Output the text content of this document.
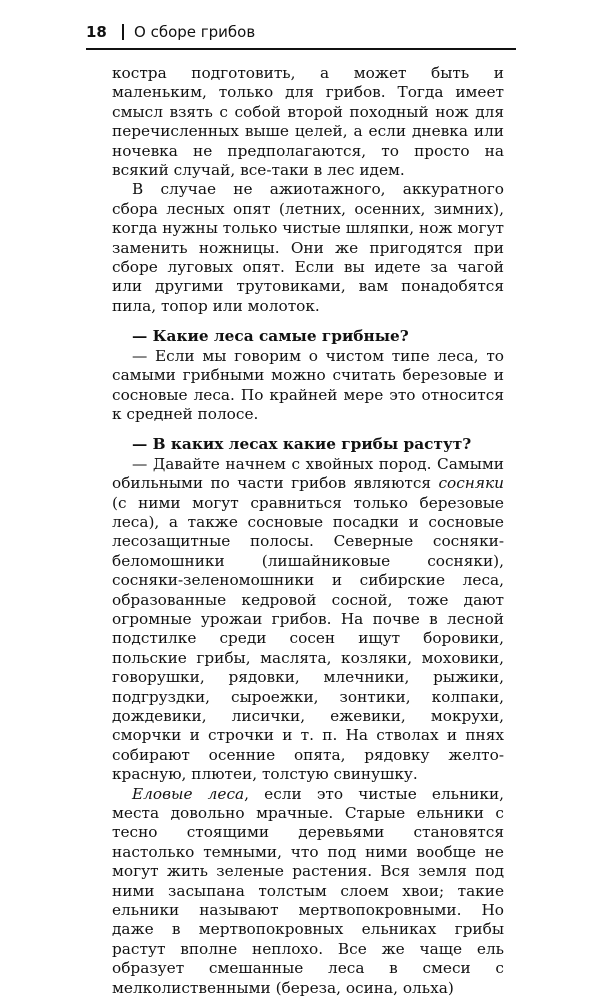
18 О сборе грибов

костра подготовить, а может быть и маленьким, только для грибов. Тогда имеет смысл взять с собой второй походный нож для перечисленных выше целей, а если дневка или ночевка не предполагаются, то просто на всякий случай, все-таки в лес идем.

В случае не ажиотажного, аккуратного сбора лесных опят (летних, осенних, зимних), когда нужны только чистые шляпки, нож могут заменить ножницы. Они же пригодятся при сборе луговых опят. Если вы идете за чагой или другими трутовиками, вам понадобятся пила, топор или молоток.

— Какие леса самые грибные?

— Если мы говорим о чистом типе леса, то самыми грибными можно считать березовые и сосновые леса. По крайней мере это относится к средней полосе.

— В каких лесах какие грибы растут?

— Давайте начнем с хвойных пород. Самыми обильными по части грибов являются сосняки (с ними могут сравниться только березовые леса), а также сосновые посадки и сосновые лесозащитные полосы. Северные сосняки-беломошники (лишайниковые сосняки), сосняки-зеленомошники и сибирские леса, образованные кедровой сосной, тоже дают огромные урожаи грибов. На почве в лесной подстилке среди сосен ищут боровики, польские грибы, маслята, козляки, моховики, говорушки, рядовки, млечники, рыжики, подгруздки, сыроежки, зонтики, колпаки, дождевики, лисички, ежевики, мокрухи, сморчки и строчки и т. п. На стволах и пнях собирают осенние опята, рядовку желто-красную, плютеи, толстую свинушку.

Еловые леса, если это чистые ельники, места довольно мрачные. Старые ельники с тесно стоящими деревьями становятся настолько темными, что под ними вообще не могут жить зеленые растения. Вся земля под ними засыпана толстым слоем хвои; такие ельники называют мертвопокровными. Но даже в мертвопокровных ельниках грибы растут вполне неплохо. Все же чаще ель образует смешанные леса в смеси с мелколиственными (береза, осина, ольха)
